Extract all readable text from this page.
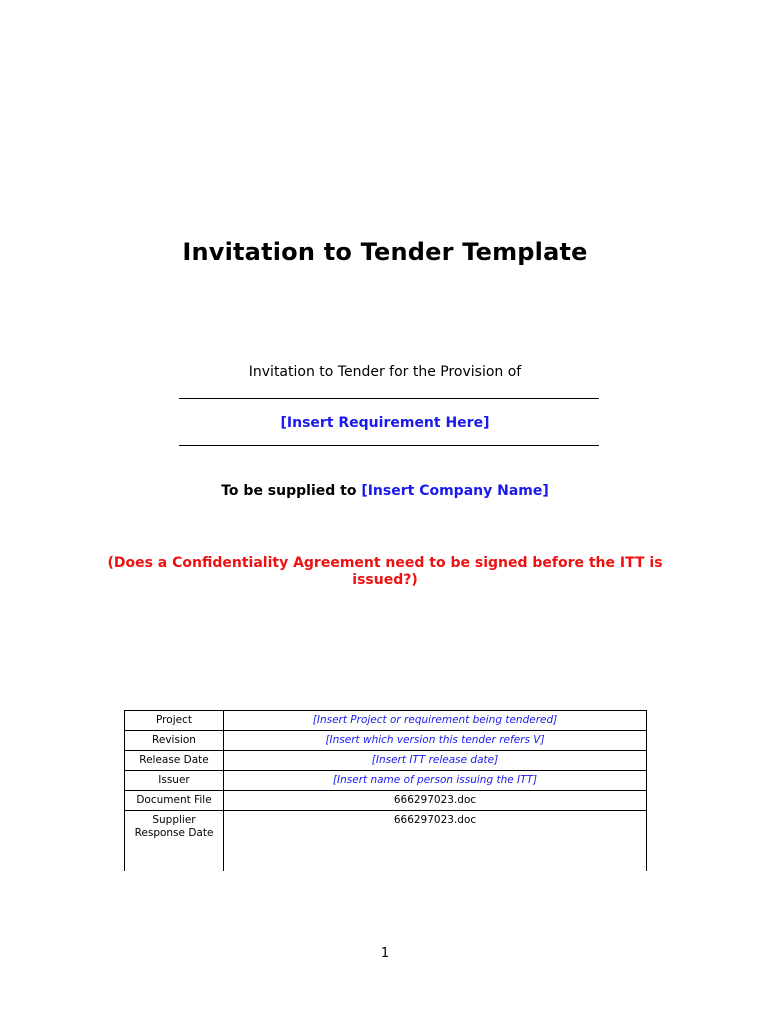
Invitation to Tender Template
Invitation to Tender for the Provision of
[Insert Requirement Here]
To be supplied to [Insert Company Name]
(Does a Confidentiality Agreement need to be signed before the ITT is issued?)
Project	[Insert Project or requirement being tendered]
Revision	[Insert which version this tender refers V]
Release Date	[Insert ITT release date]
Issuer	[Insert name of person issuing the ITT]
Document File	666297023.doc
Supplier Response Date	666297023.doc
1
